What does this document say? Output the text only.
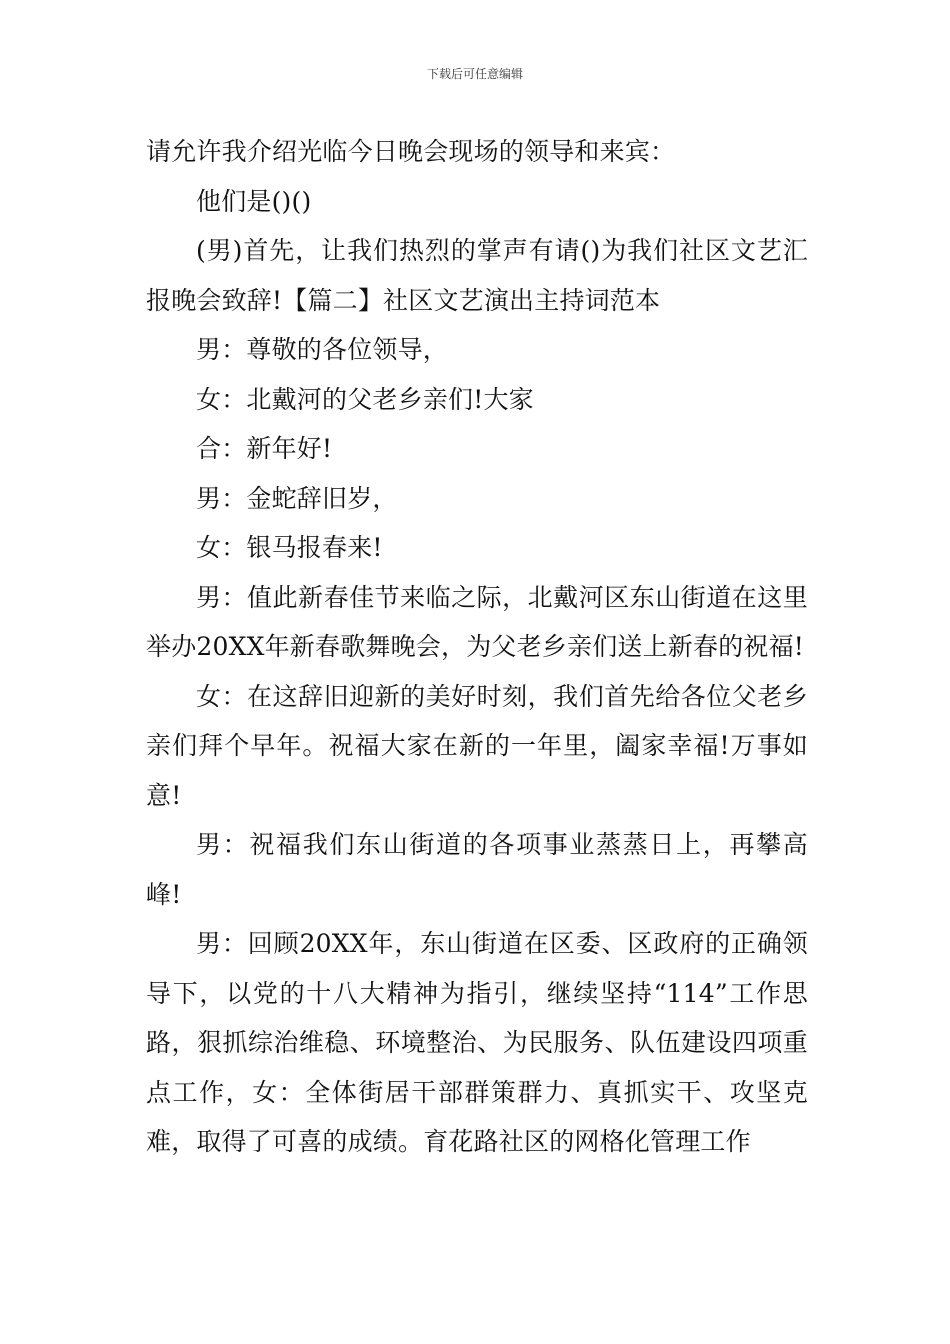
下载后可任意编辑

请允许我介绍光临今日晚会现场的领导和来宾：

他们是()()

(男)首先，让我们热烈的掌声有请()为我们社区文艺汇报晚会致辞!【篇二】社区文艺演出主持词范本

男：尊敬的各位领导，

女：北戴河的父老乡亲们!大家

合：新年好!

男：金蛇辞旧岁，

女：银马报春来!

男：值此新春佳节来临之际，北戴河区东山街道在这里举办20XX年新春歌舞晚会，为父老乡亲们送上新春的祝福!

女：在这辞旧迎新的美好时刻，我们首先给各位父老乡亲们拜个早年。祝福大家在新的一年里，阖家幸福!万事如意!

男：祝福我们东山街道的各项事业蒸蒸日上，再攀高峰!

男：回顾20XX年，东山街道在区委、区政府的正确领导下，以党的十八大精神为指引，继续坚持“114”工作思路，狠抓综治维稳、环境整治、为民服务、队伍建设四项重点工作，女：全体街居干部群策群力、真抓实干、攻坚克难，取得了可喜的成绩。育花路社区的网格化管理工作
